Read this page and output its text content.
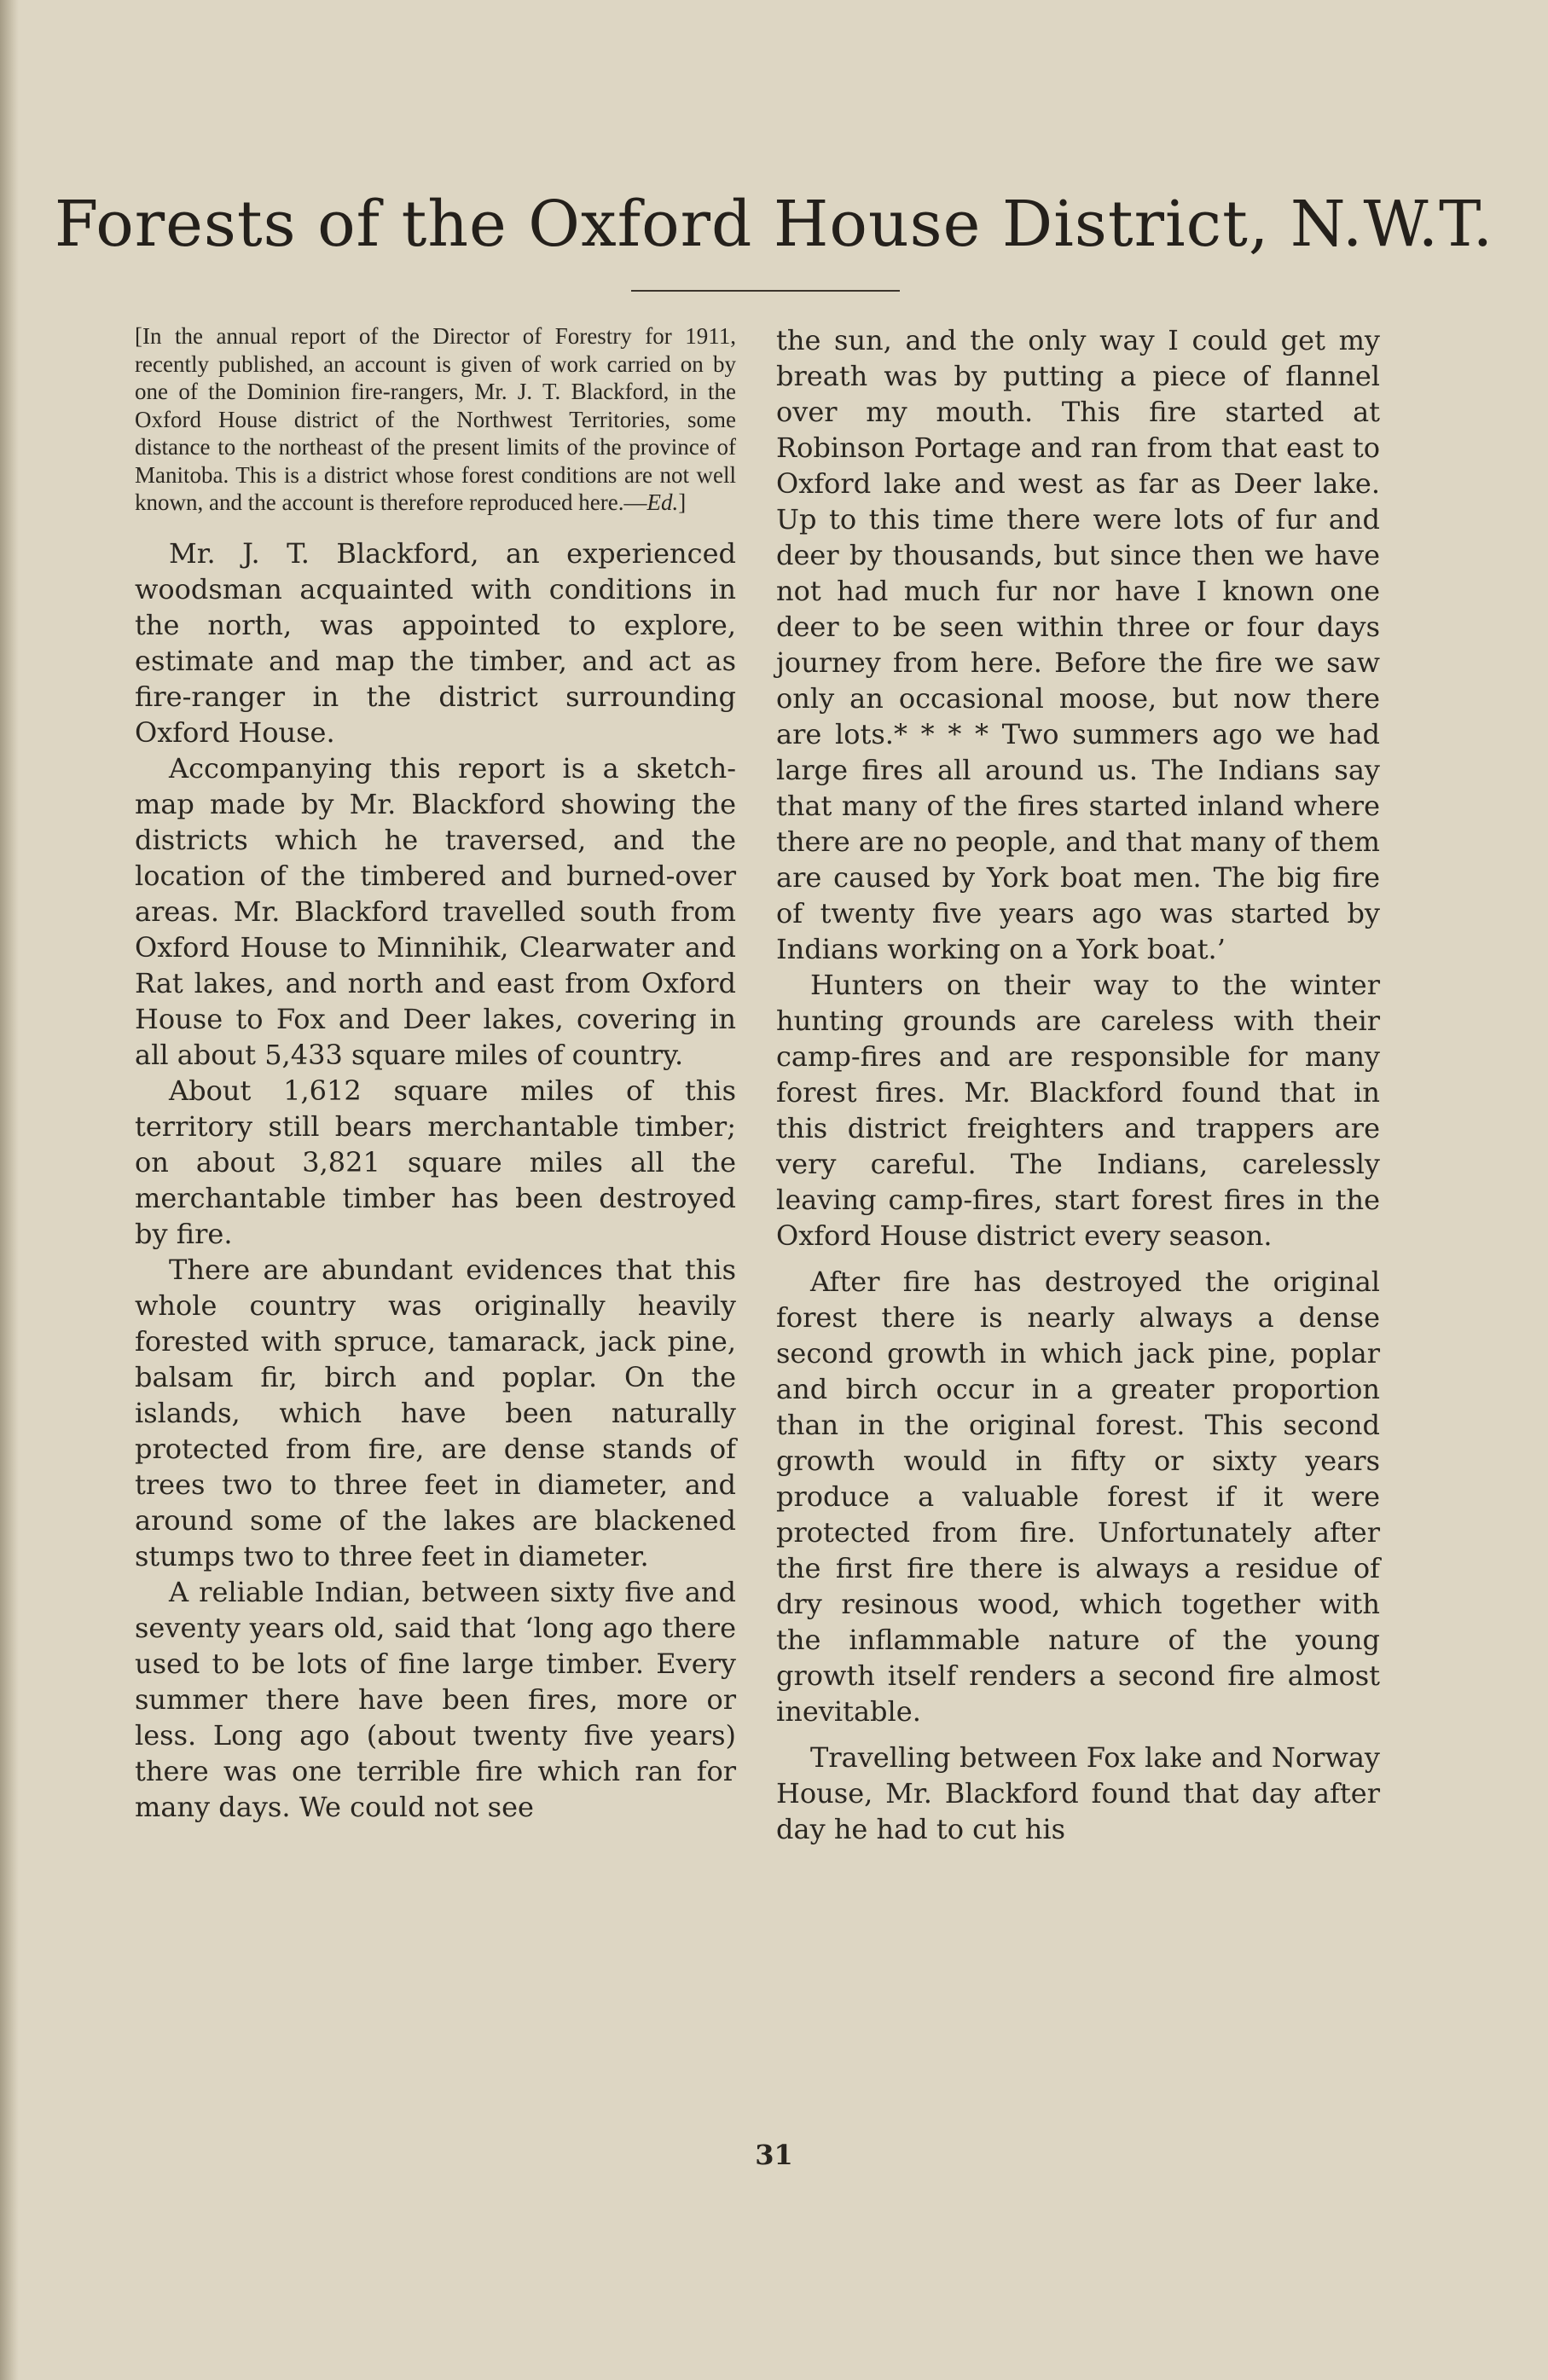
Forests of the Oxford House District, N.W.T.

[In the annual report of the Director of Forestry for 1911, recently published, an account is given of work carried on by one of the Dominion fire-rangers, Mr. J. T. Blackford, in the Oxford House district of the Northwest Territories, some distance to the northeast of the present limits of the province of Manitoba. This is a district whose forest conditions are not well known, and the account is therefore reproduced here.—Ed.]

Mr. J. T. Blackford, an experienced woodsman acquainted with conditions in the north, was appointed to explore, estimate and map the timber, and act as fire-ranger in the district surrounding Oxford House.

Accompanying this report is a sketch-map made by Mr. Blackford showing the districts which he traversed, and the location of the timbered and burned-over areas. Mr. Blackford travelled south from Oxford House to Minnihik, Clearwater and Rat lakes, and north and east from Oxford House to Fox and Deer lakes, covering in all about 5,433 square miles of country.

About 1,612 square miles of this territory still bears merchantable timber; on about 3,821 square miles all the merchantable timber has been destroyed by fire.

There are abundant evidences that this whole country was originally heavily forested with spruce, tamarack, jack pine, balsam fir, birch and poplar. On the islands, which have been naturally protected from fire, are dense stands of trees two to three feet in diameter, and around some of the lakes are blackened stumps two to three feet in diameter.

A reliable Indian, between sixty five and seventy years old, said that ‘long ago there used to be lots of fine large timber. Every summer there have been fires, more or less. Long ago (about twenty five years) there was one terrible fire which ran for many days. We could not see

the sun, and the only way I could get my breath was by putting a piece of flannel over my mouth. This fire started at Robinson Portage and ran from that east to Oxford lake and west as far as Deer lake. Up to this time there were lots of fur and deer by thousands, but since then we have not had much fur nor have I known one deer to be seen within three or four days journey from here. Before the fire we saw only an occasional moose, but now there are lots.* * * * Two summers ago we had large fires all around us. The Indians say that many of the fires started inland where there are no people, and that many of them are caused by York boat men. The big fire of twenty five years ago was started by Indians working on a York boat.’

Hunters on their way to the winter hunting grounds are careless with their camp-fires and are responsible for many forest fires. Mr. Blackford found that in this district freighters and trappers are very careful. The Indians, carelessly leaving camp-fires, start forest fires in the Oxford House district every season.

After fire has destroyed the original forest there is nearly always a dense second growth in which jack pine, poplar and birch occur in a greater proportion than in the original forest. This second growth would in fifty or sixty years produce a valuable forest if it were protected from fire. Unfortunately after the first fire there is always a residue of dry resinous wood, which together with the inflammable nature of the young growth itself renders a second fire almost inevitable.

Travelling between Fox lake and Norway House, Mr. Blackford found that day after day he had to cut his

31
